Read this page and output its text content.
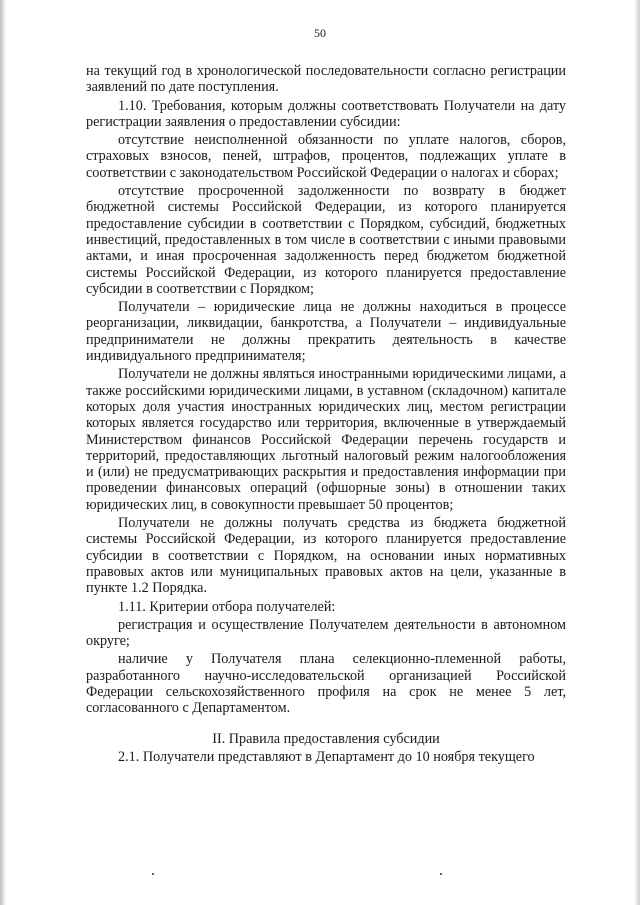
50

на текущий год в хронологической последовательности согласно регистрации заявлений по дате поступления.

1.10. Требования, которым должны соответствовать Получатели на дату регистрации заявления о предоставлении субсидии:

отсутствие неисполненной обязанности по уплате налогов, сборов, страховых взносов, пеней, штрафов, процентов, подлежащих уплате в соответствии с законодательством Российской Федерации о налогах и сборах;

отсутствие просроченной задолженности по возврату в бюджет бюджетной системы Российской Федерации, из которого планируется предоставление субсидии в соответствии с Порядком, субсидий, бюджетных инвестиций, предоставленных в том числе в соответствии с иными правовыми актами, и иная просроченная задолженность перед бюджетом бюджетной системы Российской Федерации, из которого планируется предоставление субсидии в соответствии с Порядком;

Получатели – юридические лица не должны находиться в процессе реорганизации, ликвидации, банкротства, а Получатели – индивидуальные предприниматели не должны прекратить деятельность в качестве индивидуального предпринимателя;

Получатели не должны являться иностранными юридическими лицами, а также российскими юридическими лицами, в уставном (складочном) капитале которых доля участия иностранных юридических лиц, местом регистрации которых является государство или территория, включенные в утверждаемый Министерством финансов Российской Федерации перечень государств и территорий, предоставляющих льготный налоговый режим налогообложения и (или) не предусматривающих раскрытия и предоставления информации при проведении финансовых операций (офшорные зоны) в отношении таких юридических лиц, в совокупности превышает 50 процентов;

Получатели не должны получать средства из бюджета бюджетной системы Российской Федерации, из которого планируется предоставление субсидии в соответствии с Порядком, на основании иных нормативных правовых актов или муниципальных правовых актов на цели, указанные в пункте 1.2 Порядка.

1.11. Критерии отбора получателей:

регистрация и осуществление Получателем деятельности в автономном округе;

наличие у Получателя плана селекционно-племенной работы, разработанного научно-исследовательской организацией Российской Федерации сельскохозяйственного профиля на срок не менее 5 лет, согласованного с Департаментом.

II. Правила предоставления субсидии

2.1. Получатели представляют в Департамент до 10 ноября текущего
